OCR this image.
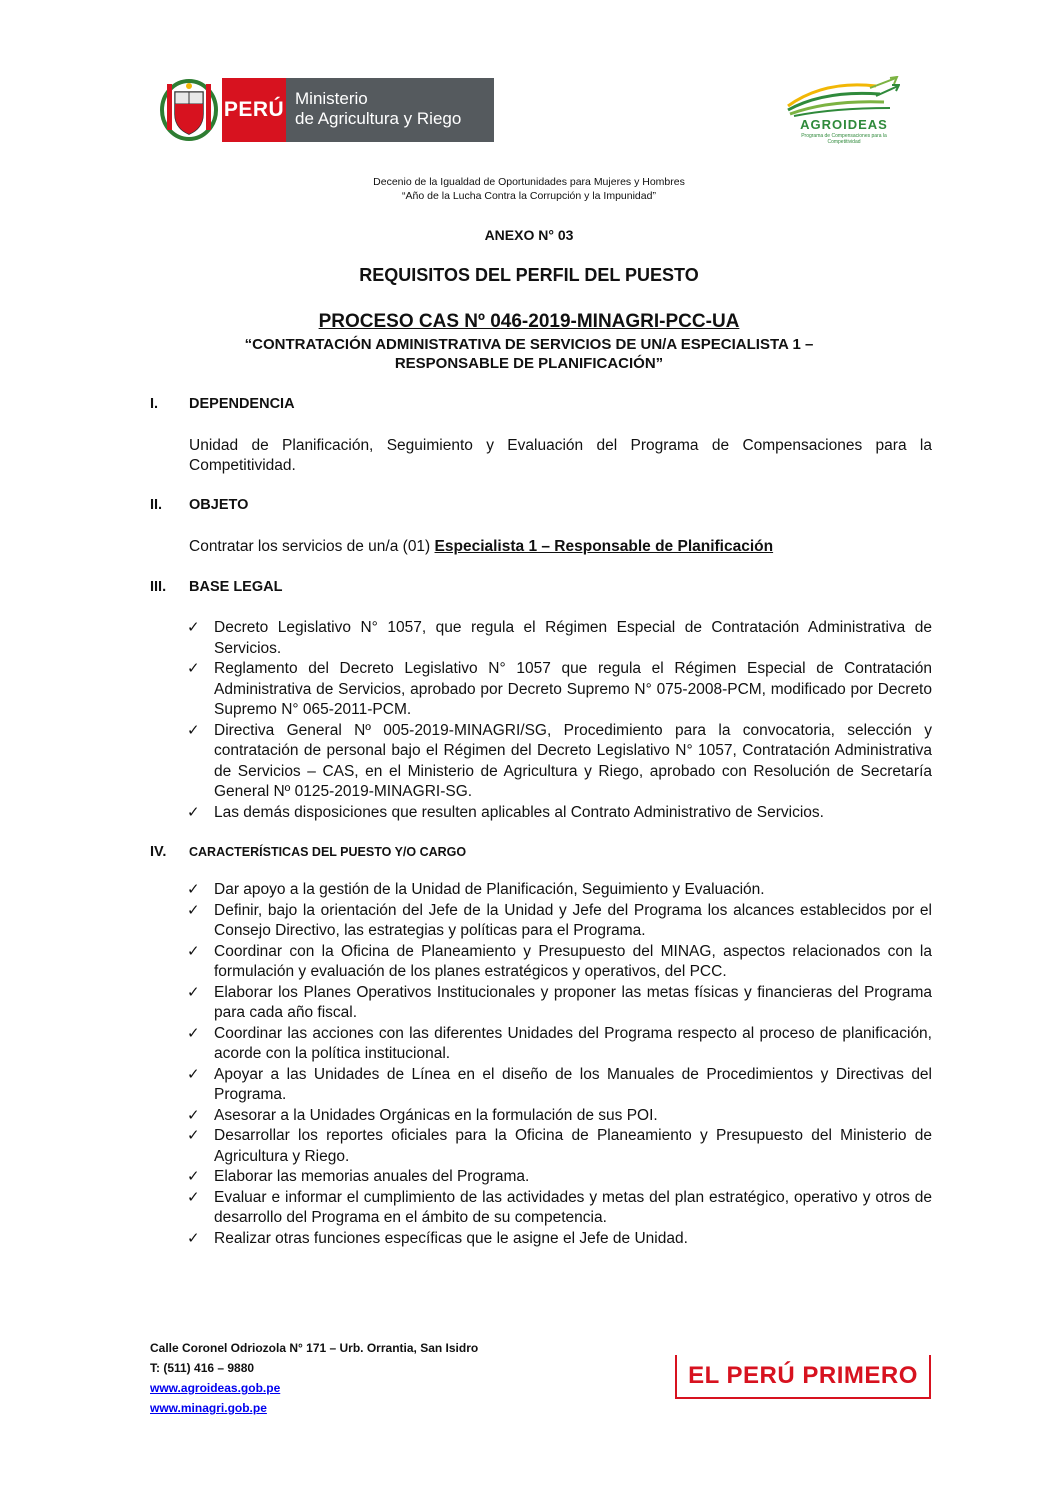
PERÚ Ministerio
de Agricultura y Riego	AGROIDEAS
Programa de Compensaciones para la Competitividad
Decenio de la Igualdad de Oportunidades para Mujeres y Hombres
“Año de la Lucha Contra la Corrupción y la Impunidad”
ANEXO N° 03
REQUISITOS DEL PERFIL DEL PUESTO
PROCESO CAS Nº 046-2019-MINAGRI-PCC-UA
“CONTRATACIÓN ADMINISTRATIVA DE SERVICIOS DE UN/A ESPECIALISTA 1 –
RESPONSABLE DE PLANIFICACIÓN”
I. DEPENDENCIA
Unidad de Planificación, Seguimiento y Evaluación del Programa de Compensaciones para la
Competitividad.
II. OBJETO
Contratar los servicios de un/a (01) Especialista 1 – Responsable de Planificación
III. BASE LEGAL
✓ Decreto Legislativo N° 1057, que regula el Régimen Especial de Contratación Administrativa de Servicios.
✓ Reglamento del Decreto Legislativo N° 1057 que regula el Régimen Especial de Contratación Administrativa de Servicios, aprobado por Decreto Supremo N° 075-2008-PCM, modificado por Decreto Supremo N° 065-2011-PCM.
✓ Directiva General Nº 005-2019-MINAGRI/SG, Procedimiento para la convocatoria, selección y contratación de personal bajo el Régimen del Decreto Legislativo N° 1057, Contratación Administrativa de Servicios – CAS, en el Ministerio de Agricultura y Riego, aprobado con Resolución de Secretaría General Nº 0125-2019-MINAGRI-SG.
✓ Las demás disposiciones que resulten aplicables al Contrato Administrativo de Servicios.
IV. CARACTERÍSTICAS DEL PUESTO Y/O CARGO
✓ Dar apoyo a la gestión de la Unidad de Planificación, Seguimiento y Evaluación.
✓ Definir, bajo la orientación del Jefe de la Unidad y Jefe del Programa los alcances establecidos por el Consejo Directivo, las estrategias y políticas para el Programa.
✓ Coordinar con la Oficina de Planeamiento y Presupuesto del MINAG, aspectos relacionados con la formulación y evaluación de los planes estratégicos y operativos, del PCC.
✓ Elaborar los Planes Operativos Institucionales y proponer las metas físicas y financieras del Programa para cada año fiscal.
✓ Coordinar las acciones con las diferentes Unidades del Programa respecto al proceso de planificación, acorde con la política institucional.
✓ Apoyar a las Unidades de Línea en el diseño de los Manuales de Procedimientos y Directivas del Programa.
✓ Asesorar a la Unidades Orgánicas en la formulación de sus POI.
✓ Desarrollar los reportes oficiales para la Oficina de Planeamiento y Presupuesto del Ministerio de Agricultura y Riego.
✓ Elaborar las memorias anuales del Programa.
✓ Evaluar e informar el cumplimiento de las actividades y metas del plan estratégico, operativo y otros de desarrollo del Programa en el ámbito de su competencia.
✓ Realizar otras funciones específicas que le asigne el Jefe de Unidad.
Calle Coronel Odriozola N° 171 – Urb. Orrantia, San Isidro
T: (511) 416 – 9880
www.agroideas.gob.pe
www.minagri.gob.pe
EL PERÚ PRIMERO
